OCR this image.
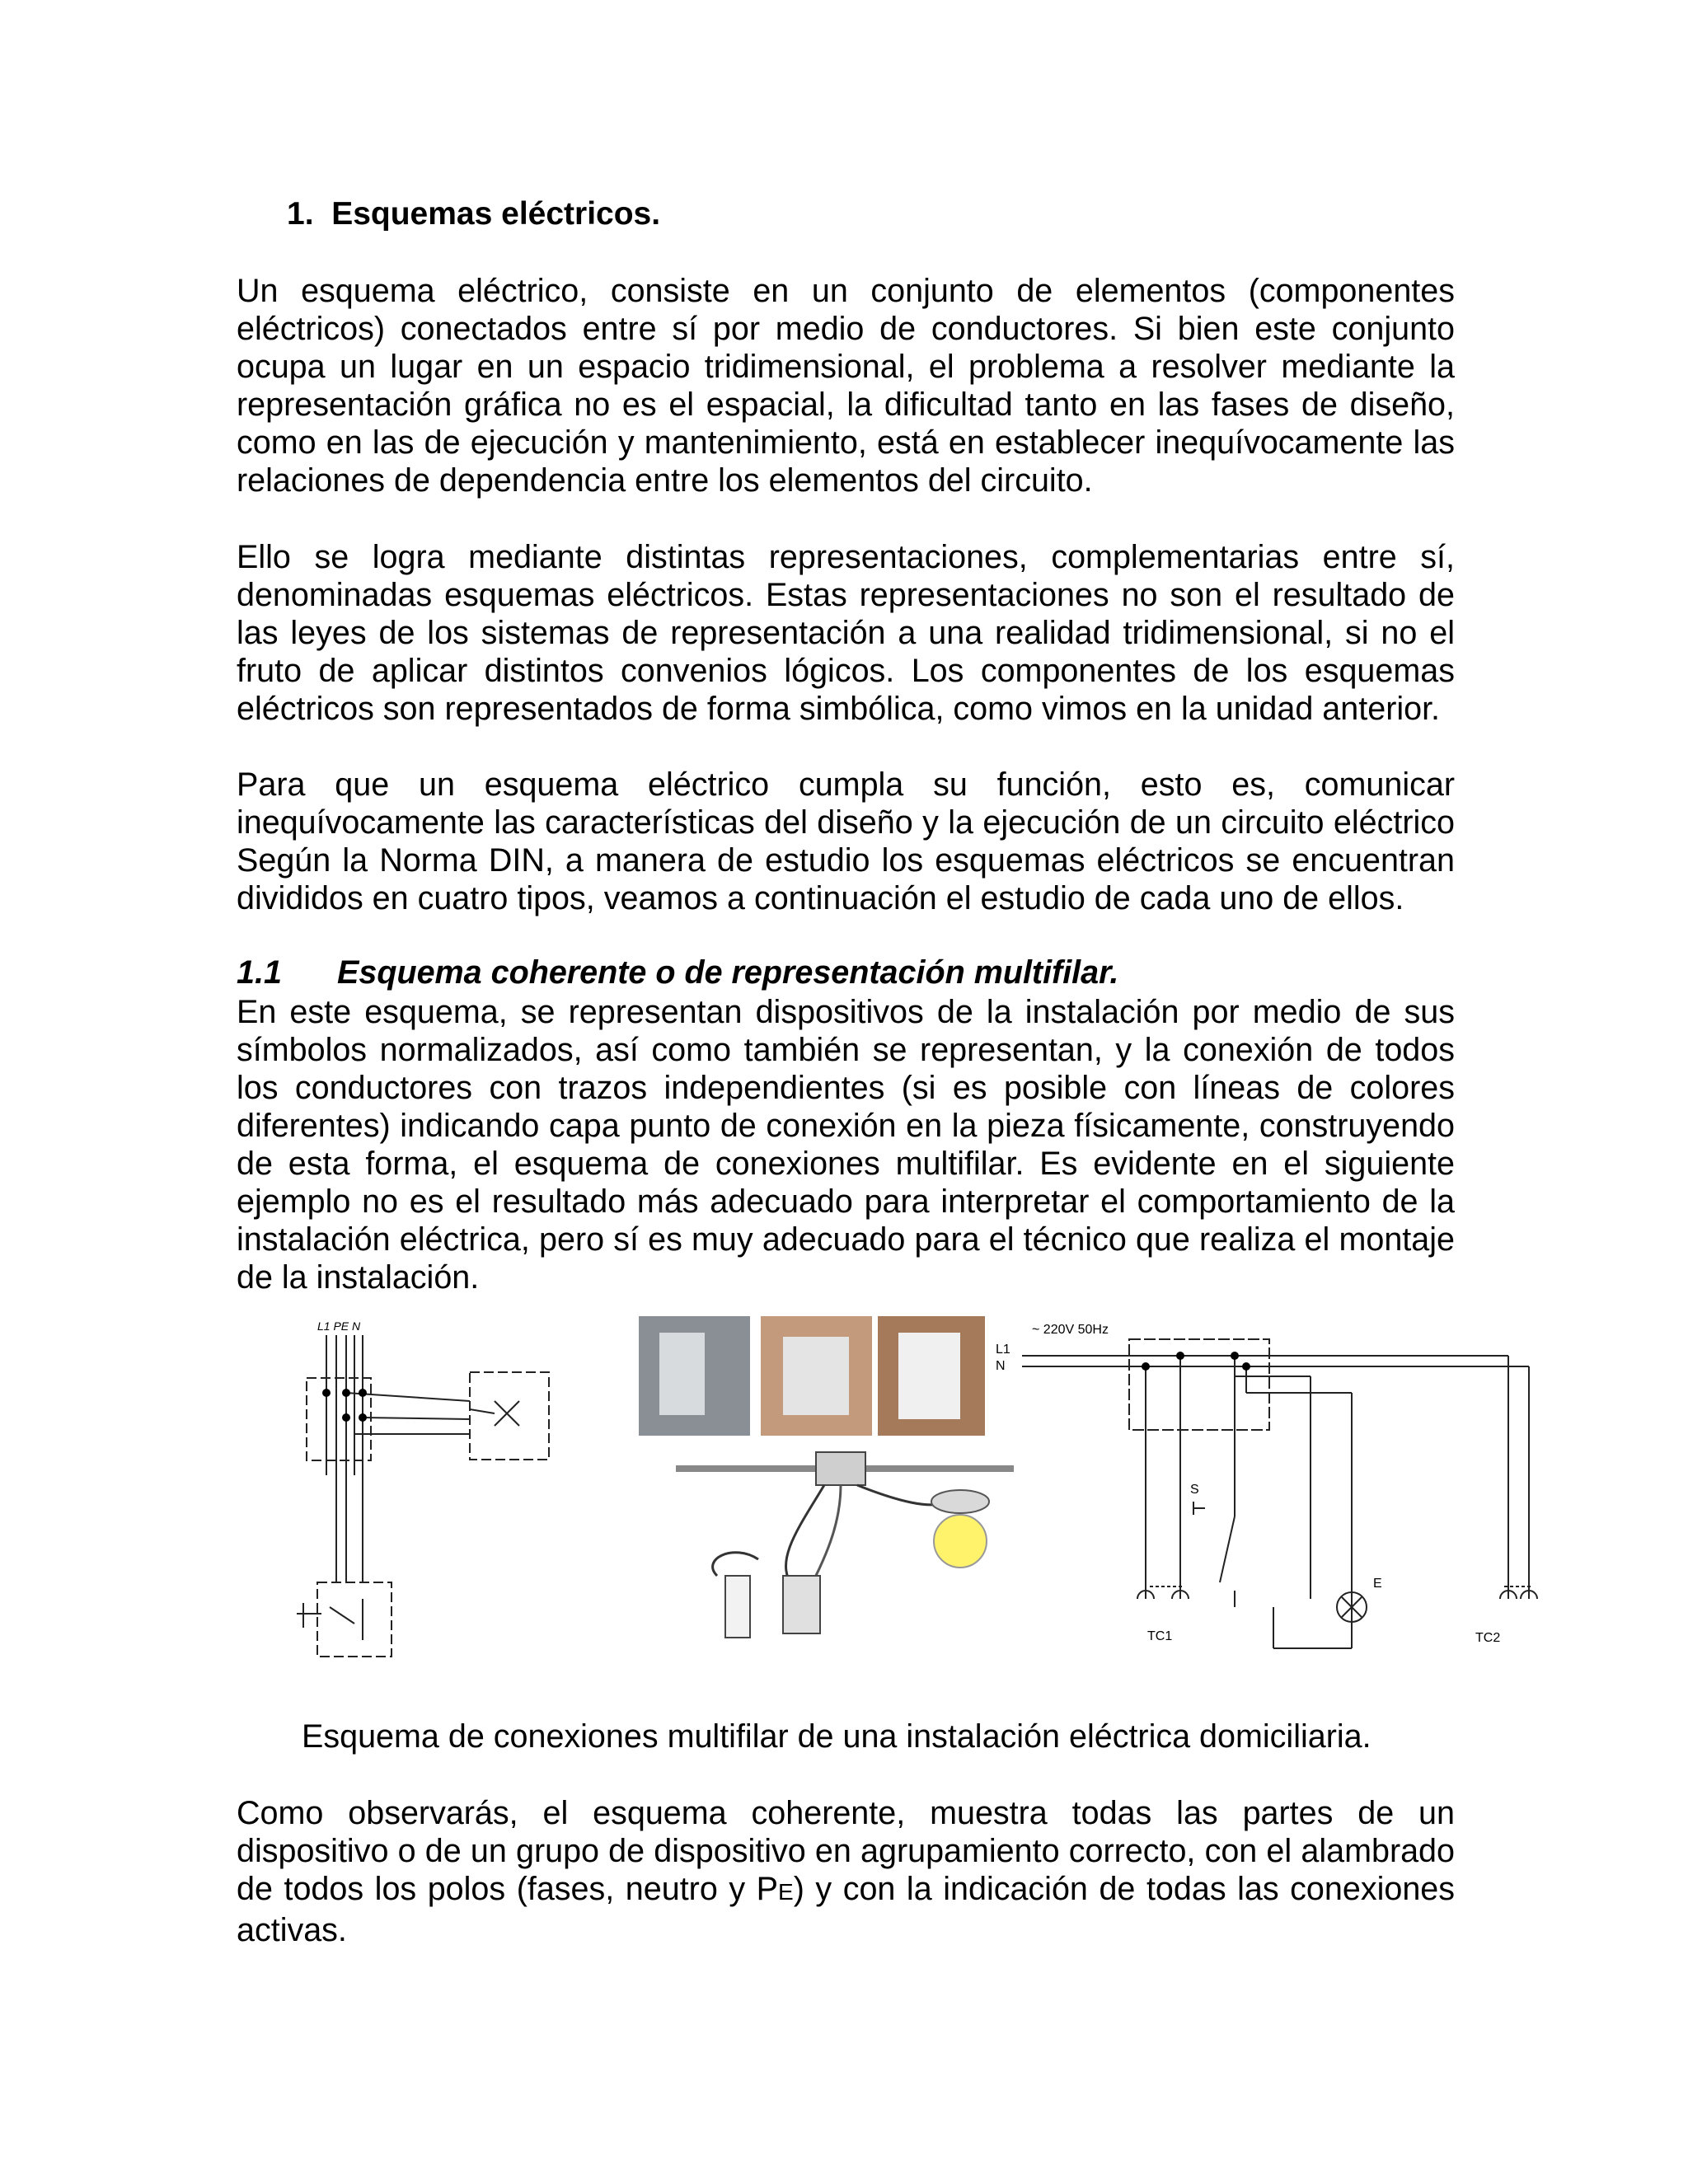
1. Esquemas eléctricos.

Un esquema eléctrico, consiste en un conjunto de elementos (componentes eléctricos) conectados entre sí por medio de conductores. Si bien este conjunto ocupa un lugar en un espacio tridimensional, el problema a resolver mediante la representación gráfica no es el espacial, la dificultad tanto en las fases de diseño, como en las de ejecución y mantenimiento, está en establecer inequívocamente las relaciones de dependencia entre los elementos del circuito.

Ello se logra mediante distintas representaciones, complementarias entre sí, denominadas esquemas eléctricos. Estas representaciones no son el resultado de las leyes de los sistemas de representación a una realidad tridimensional, si no el fruto de aplicar distintos convenios lógicos. Los componentes de los esquemas eléctricos son representados de forma simbólica, como vimos en la unidad anterior.

Para que un esquema eléctrico cumpla su función, esto es, comunicar inequívocamente las características del diseño y la ejecución de un circuito eléctrico Según la Norma DIN, a manera de estudio los esquemas eléctricos se encuentran divididos en cuatro tipos, veamos a continuación el estudio de cada uno de ellos.

1.1 Esquema coherente o de representación multifilar.

En este esquema, se representan dispositivos de la instalación por medio de sus símbolos normalizados, así como también se representan, y la conexión de todos los conductores con trazos independientes (si es posible con líneas de colores diferentes) indicando capa punto de conexión en la pieza físicamente, construyendo de esta forma, el esquema de conexiones multifilar. Es evidente en el siguiente ejemplo no es el resultado más adecuado para interpretar el comportamiento de la instalación eléctrica, pero sí es muy adecuado para el técnico que realiza el montaje de la instalación.

L1 PE N	~ 220V 50Hz
L1
N
S
E
TC1	TC2
Esquema de conexiones multifilar de una instalación eléctrica domiciliaria.

Como observarás, el esquema coherente, muestra todas las partes de un dispositivo o de un grupo de dispositivo en agrupamiento correcto, con el alambrado de todos los polos (fases, neutro y PE) y con la indicación de todas las conexiones activas.
